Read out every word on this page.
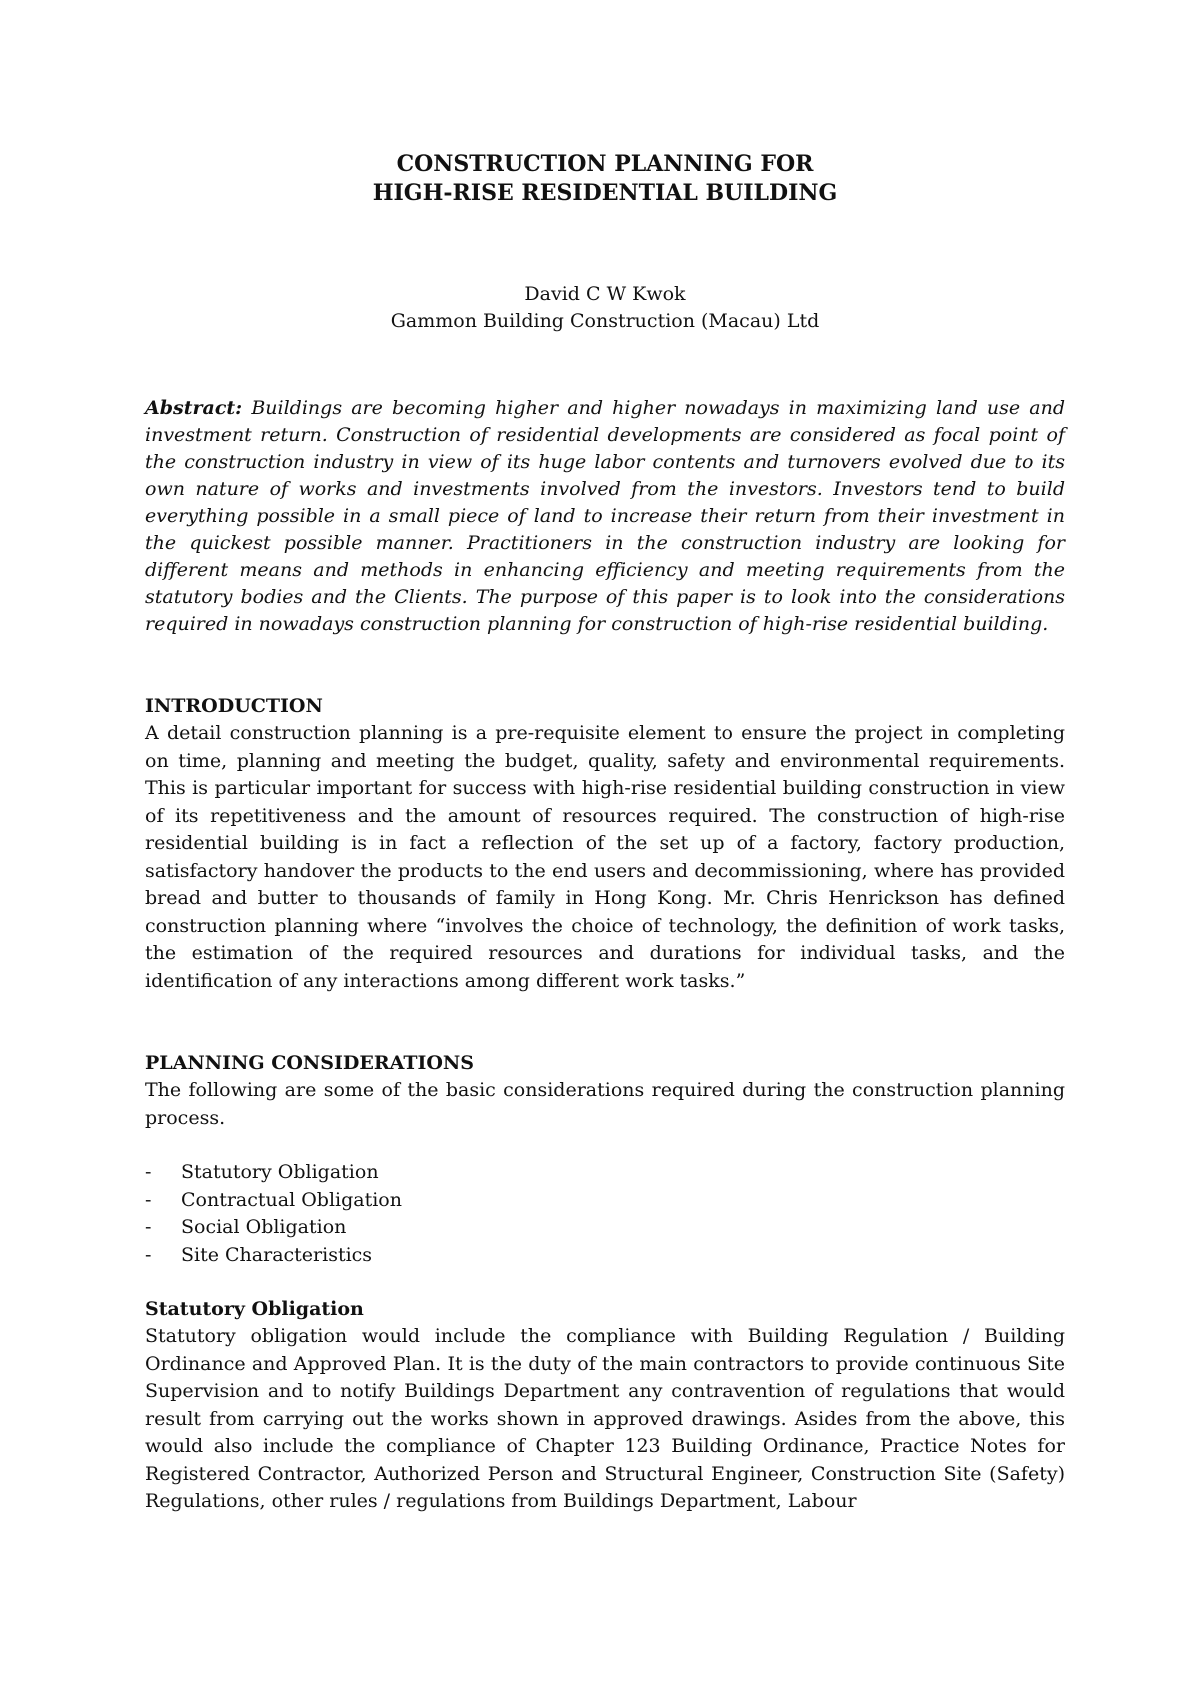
CONSTRUCTION PLANNING FOR

HIGH-RISE RESIDENTIAL BUILDING

David C W Kwok
Gammon Building Construction (Macau) Ltd
Abstract: Buildings are becoming higher and higher nowadays in maximizing land use and investment return. Construction of residential developments are considered as focal point of the construction industry in view of its huge labor contents and turnovers evolved due to its own nature of works and investments involved from the investors. Investors tend to build everything possible in a small piece of land to increase their return from their investment in the quickest possible manner. Practitioners in the construction industry are looking for different means and methods in enhancing efficiency and meeting requirements from the statutory bodies and the Clients. The purpose of this paper is to look into the considerations required in nowadays construction planning for construction of high-rise residential building.
INTRODUCTION

A detail construction planning is a pre-requisite element to ensure the project in completing on time, planning and meeting the budget, quality, safety and environmental requirements. This is particular important for success with high-rise residential building construction in view of its repetitiveness and the amount of resources required. The construction of high-rise residential building is in fact a reflection of the set up of a factory, factory production, satisfactory handover the products to the end users and decommissioning, where has provided bread and butter to thousands of family in Hong Kong. Mr. Chris Henrickson has defined construction planning where “involves the choice of technology, the definition of work tasks, the estimation of the required resources and durations for individual tasks, and the identification of any interactions among different work tasks.”

PLANNING CONSIDERATIONS

The following are some of the basic considerations required during the construction planning process.

- Statutory Obligation
- Contractual Obligation
- Social Obligation
- Site Characteristics
Statutory Obligation

Statutory obligation would include the compliance with Building Regulation / Building Ordinance and Approved Plan. It is the duty of the main contractors to provide continuous Site Supervision and to notify Buildings Department any contravention of regulations that would result from carrying out the works shown in approved drawings. Asides from the above, this would also include the compliance of Chapter 123 Building Ordinance, Practice Notes for Registered Contractor, Authorized Person and Structural Engineer, Construction Site (Safety) Regulations, other rules / regulations from Buildings Department, Labour
